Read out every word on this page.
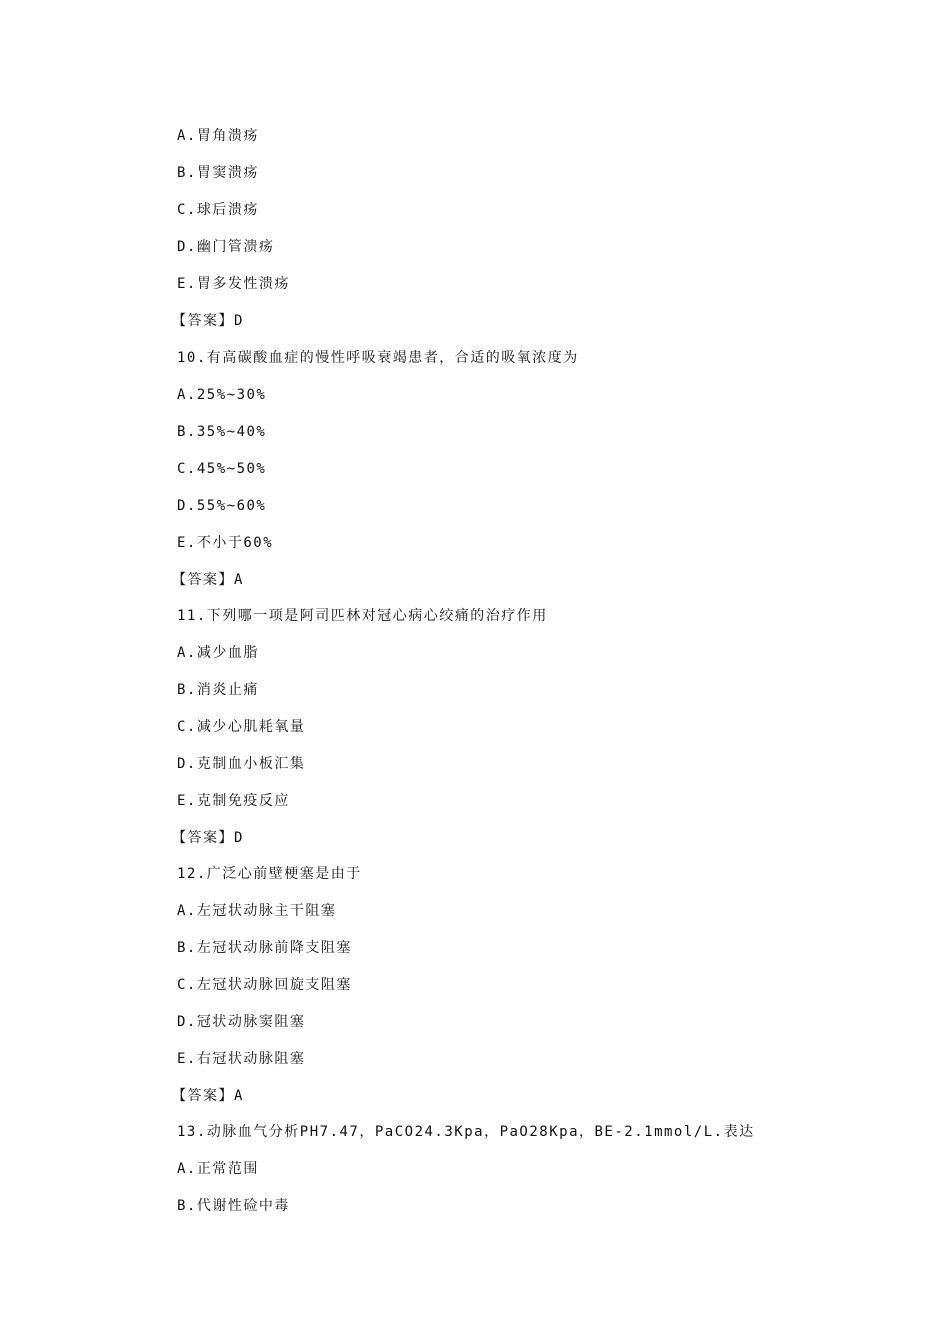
A.胃角溃疡
B.胃窦溃疡
C.球后溃疡
D.幽门管溃疡
E.胃多发性溃疡
【答案】D
10.有高碳酸血症的慢性呼吸衰竭患者，合适的吸氧浓度为
A.25%~30%
B.35%~40%
C.45%~50%
D.55%~60%
E.不小于60%
【答案】A
11.下列哪一项是阿司匹林对冠心病心绞痛的治疗作用
A.减少血脂
B.消炎止痛
C.减少心肌耗氧量
D.克制血小板汇集
E.克制免疫反应
【答案】D
12.广泛心前壁梗塞是由于
A.左冠状动脉主干阻塞
B.左冠状动脉前降支阻塞
C.左冠状动脉回旋支阻塞
D.冠状动脉窦阻塞
E.右冠状动脉阻塞
【答案】A
13.动脉血气分析PH7.47，PaCO24.3Kpa，PaO28Kpa，BE-2.1mmol/L.表达
A.正常范围
B.代谢性硷中毒
